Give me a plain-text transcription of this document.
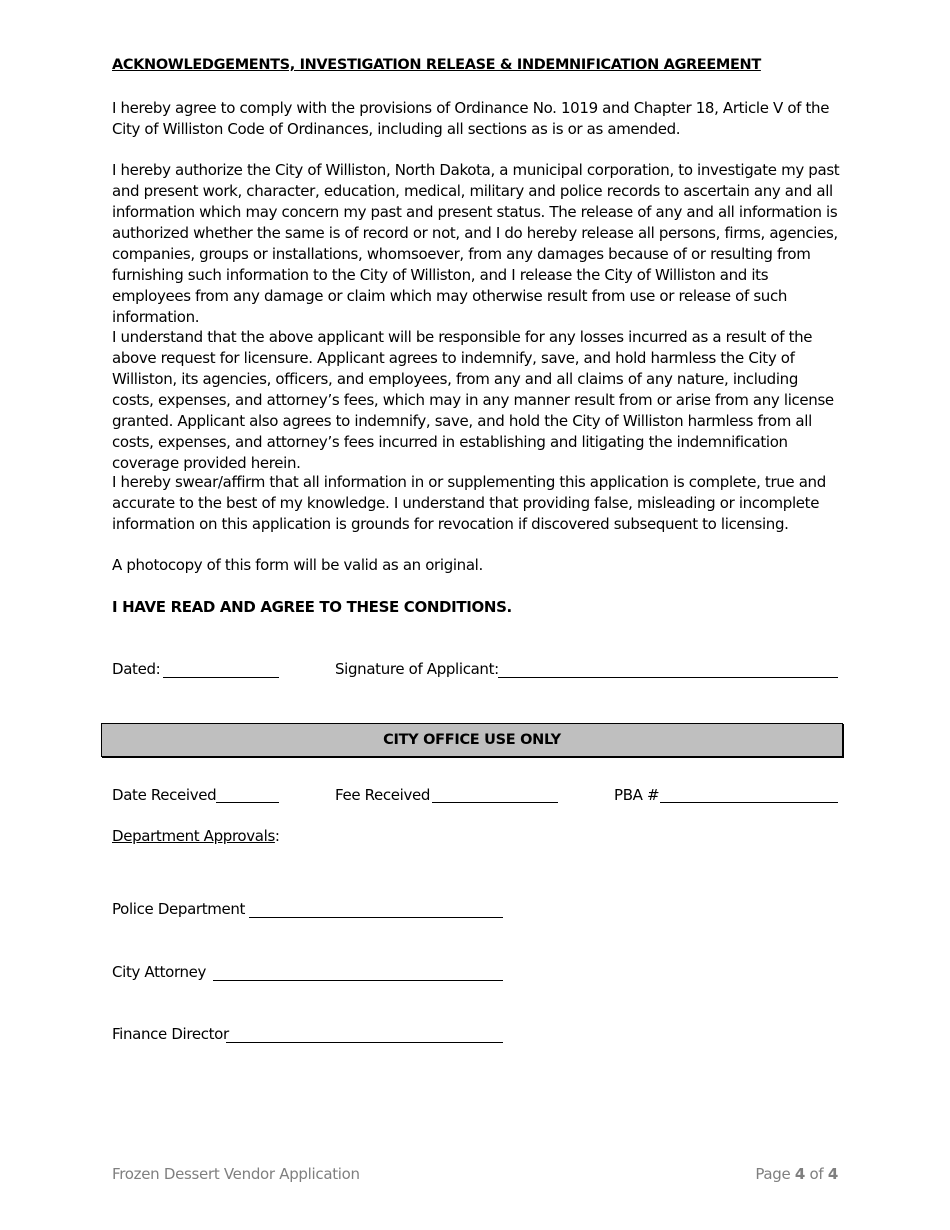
ACKNOWLEDGEMENTS, INVESTIGATION RELEASE & INDEMNIFICATION AGREEMENT

I hereby agree to comply with the provisions of Ordinance No. 1019 and Chapter 18, Article V of the City of Williston Code of Ordinances, including all sections as is or as amended.

I hereby authorize the City of Williston, North Dakota, a municipal corporation, to investigate my past and present work, character, education, medical, military and police records to ascertain any and all information which may concern my past and present status. The release of any and all information is authorized whether the same is of record or not, and I do hereby release all persons, firms, agencies, companies, groups or installations, whomsoever, from any damages because of or resulting from furnishing such information to the City of Williston, and I release the City of Williston and its employees from any damage or claim which may otherwise result from use or release of such information.

I understand that the above applicant will be responsible for any losses incurred as a result of the above request for licensure. Applicant agrees to indemnify, save, and hold harmless the City of Williston, its agencies, officers, and employees, from any and all claims of any nature, including costs, expenses, and attorney’s fees, which may in any manner result from or arise from any license granted. Applicant also agrees to indemnify, save, and hold the City of Williston harmless from all costs, expenses, and attorney’s fees incurred in establishing and litigating the indemnification coverage provided herein.

I hereby swear/affirm that all information in or supplementing this application is complete, true and accurate to the best of my knowledge. I understand that providing false, misleading or incomplete information on this application is grounds for revocation if discovered subsequent to licensing.

A photocopy of this form will be valid as an original.

I HAVE READ AND AGREE TO THESE CONDITIONS.

Dated:	Signature of Applicant:
CITY OFFICE USE ONLY
Date Received	Fee Received	PBA #
Department Approvals:
Police Department
City Attorney
Finance Director
Frozen Dessert Vendor Application	Page 4 of 4
